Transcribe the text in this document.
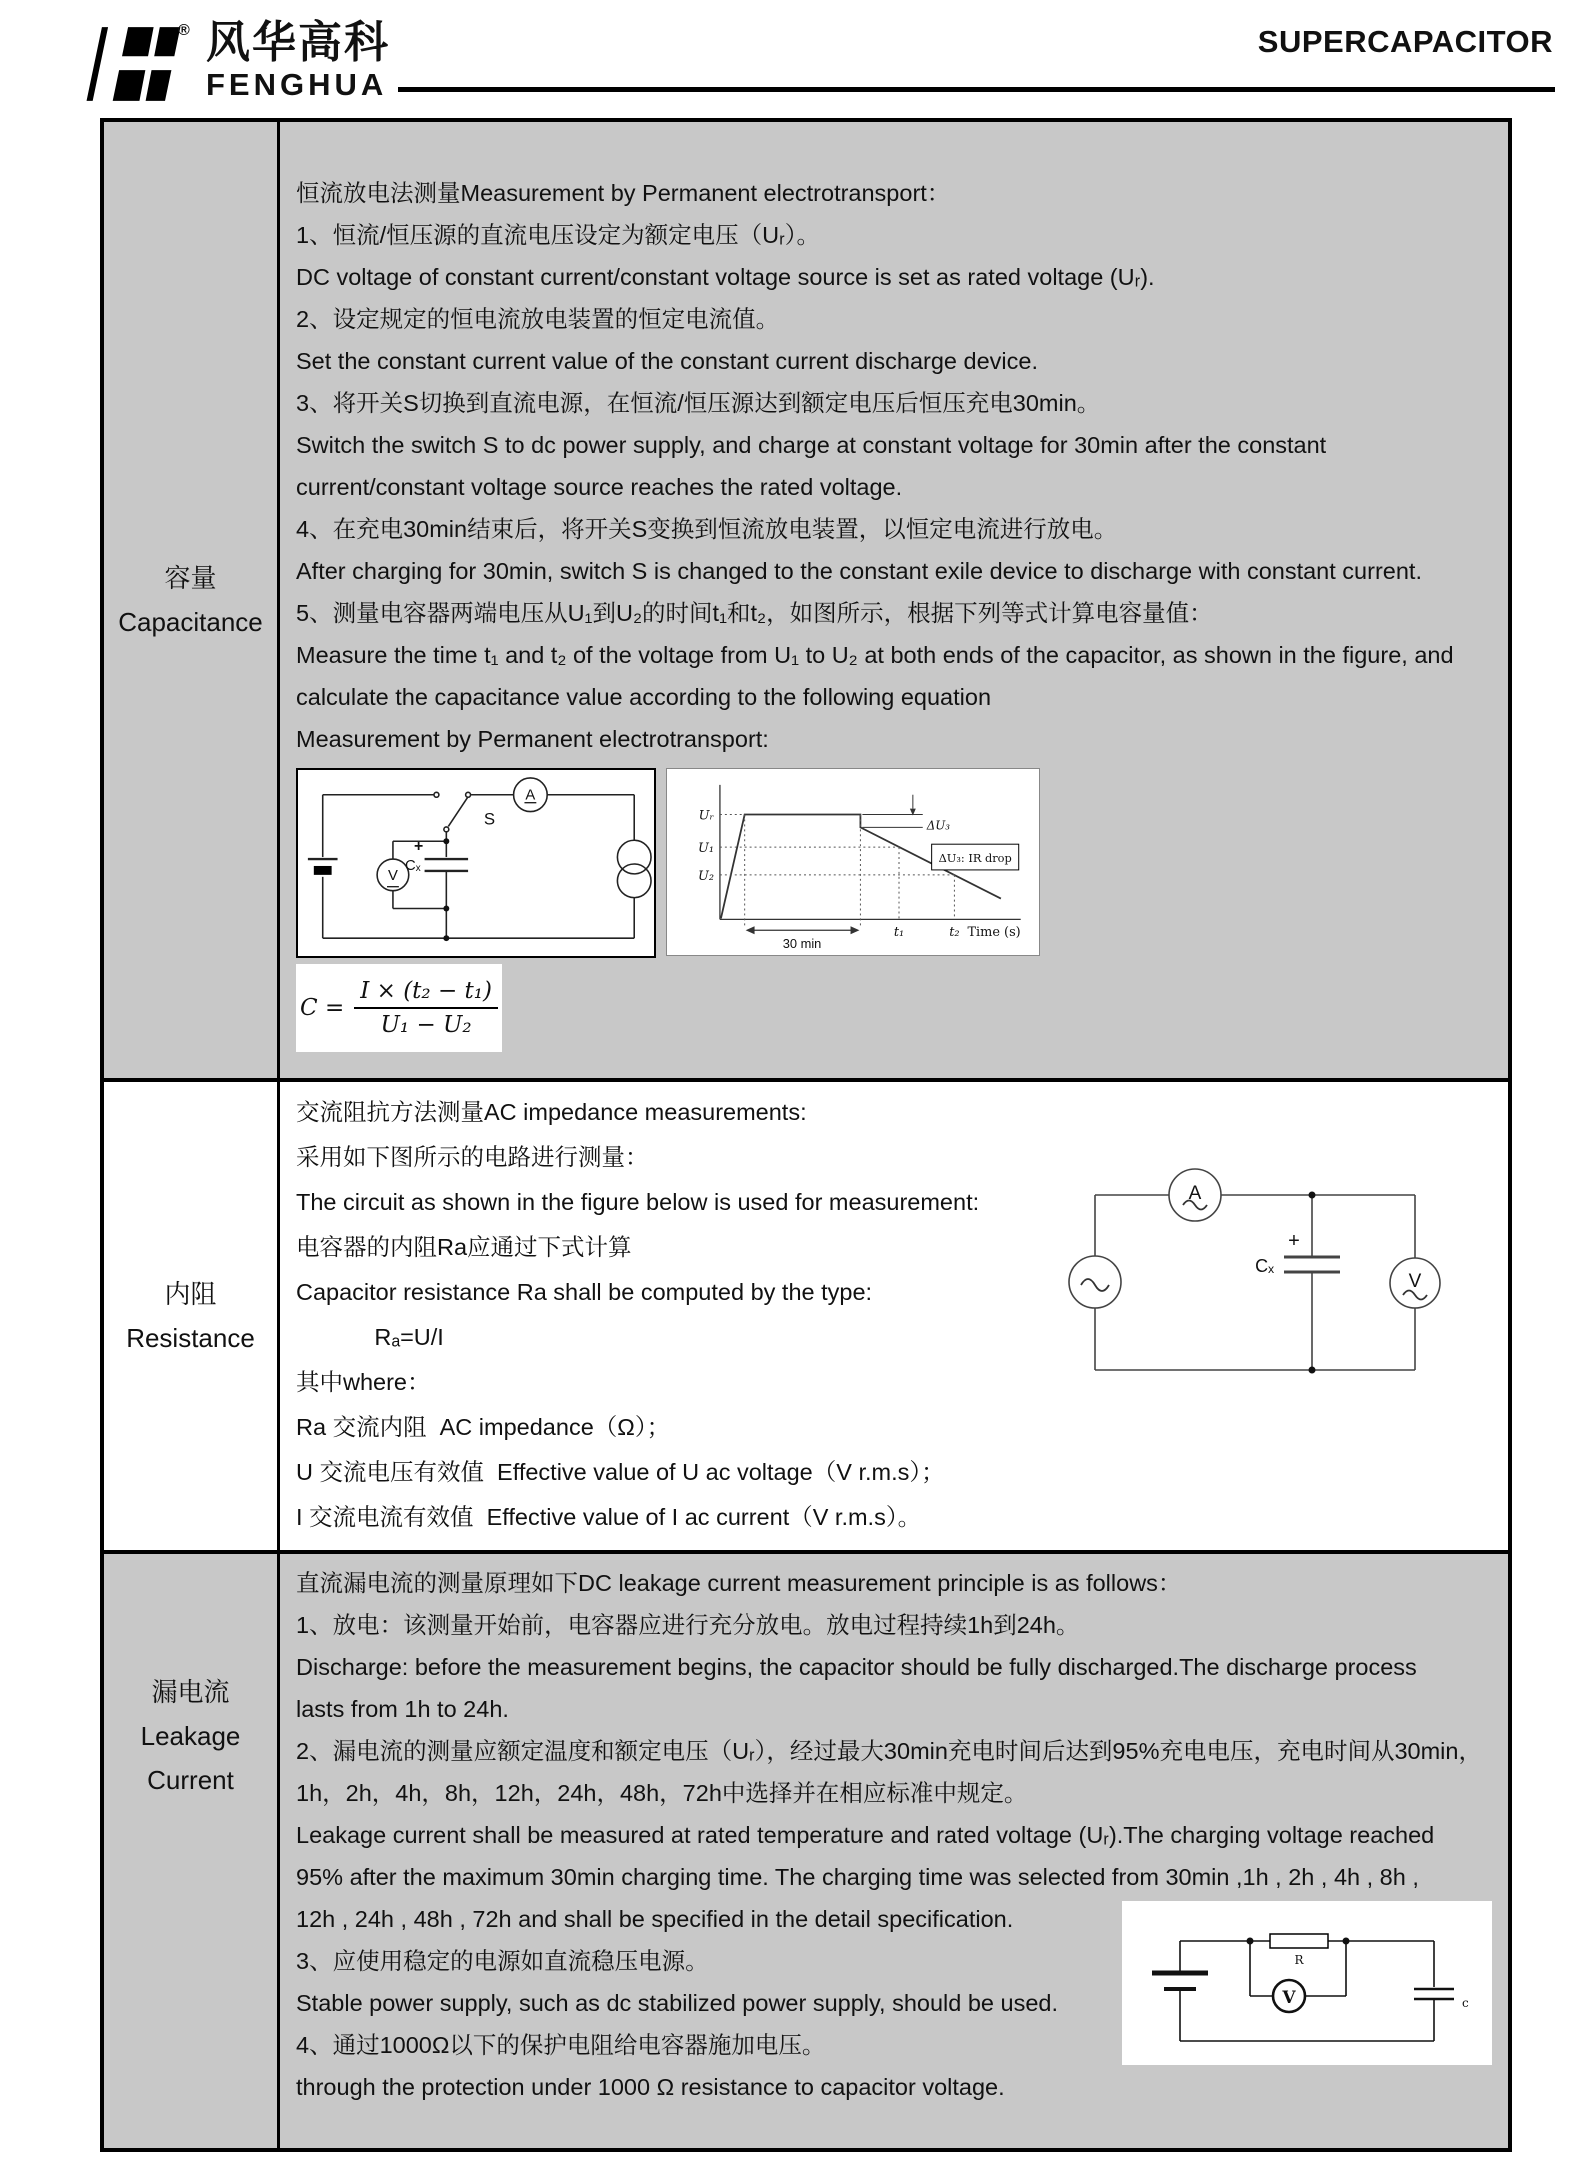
® 风华高科
FENGHUA
SUPERCAPACITOR
容量
Capacitance
恒流放电法测量Measurement by Permanent electrotransport：
1、恒流/恒压源的直流电压设定为额定电压（Uᵣ）。
DC voltage of constant current/constant voltage source is set as rated voltage (Uᵣ).
2、设定规定的恒电流放电装置的恒定电流值。
Set the constant current value of the constant current discharge device.
3、将开关S切换到直流电源，在恒流/恒压源达到额定电压后恒压充电30min。
Switch the switch S to dc power supply, and charge at constant voltage for 30min after the constant
current/constant voltage source reaches the rated voltage.
4、在充电30min结束后，将开关S变换到恒流放电装置，以恒定电流进行放电。
After charging for 30min, switch S is changed to the constant exile device to discharge with constant current.
5、测量电容器两端电压从U₁到U₂的时间t₁和t₂，如图所示，根据下列等式计算电容量值：
Measure the time t₁ and t₂ of the voltage from U₁ to U₂ at both ends of the capacitor, as shown in the figure, and
calculate the capacitance value according to the following equation
Measurement by Permanent electrotransport:
A
V
S
+
Cₓ
Uᵣ
U₁
U₂
ΔU₃
ΔU₃: IR drop
30 min
t₁	t₂ Time (s)
$C = \frac{\text{I × (t₂ − t₁)}}{\text{U₁ − U₂}}$
内阻
Resistance
交流阻抗方法测量AC impedance measurements:
采用如下图所示的电路进行测量：
The circuit as shown in the figure below is used for measurement:
电容器的内阻Ra应通过下式计算
Capacitor resistance Ra shall be computed by the type:
Rₐ=U/I
其中where：
Ra 交流内阻  AC impedance（Ω）；
U 交流电压有效值  Effective value of U ac voltage（V r.m.s）；
I 交流电流有效值  Effective value of I ac current（V r.m.s）。
A
V
+
Cₓ
漏电流
Leakage Current
直流漏电流的测量原理如下DC leakage current measurement principle is as follows：
1、放电：该测量开始前，电容器应进行充分放电。放电过程持续1h到24h。
Discharge: before the measurement begins, the capacitor should be fully discharged.The discharge process
lasts from 1h to 24h.
2、漏电流的测量应额定温度和额定电压（Uᵣ），经过最大30min充电时间后达到95%充电电压，充电时间从30min，
1h，2h，4h，8h，12h，24h，48h，72h中选择并在相应标准中规定。
Leakage current shall be measured at rated temperature and rated voltage (Uᵣ).The charging voltage reached
95% after the maximum 30min charging time. The charging time was selected from 30min ,1h , 2h , 4h , 8h ,
12h , 24h , 48h , 72h and shall be specified in the detail specification.
3、应使用稳定的电源如直流稳压电源。
Stable power supply, such as dc stabilized power supply, should be used.
4、通过1000Ω以下的保护电阻给电容器施加电压。
through the protection under 1000 Ω resistance to capacitor voltage.
R
V	c
